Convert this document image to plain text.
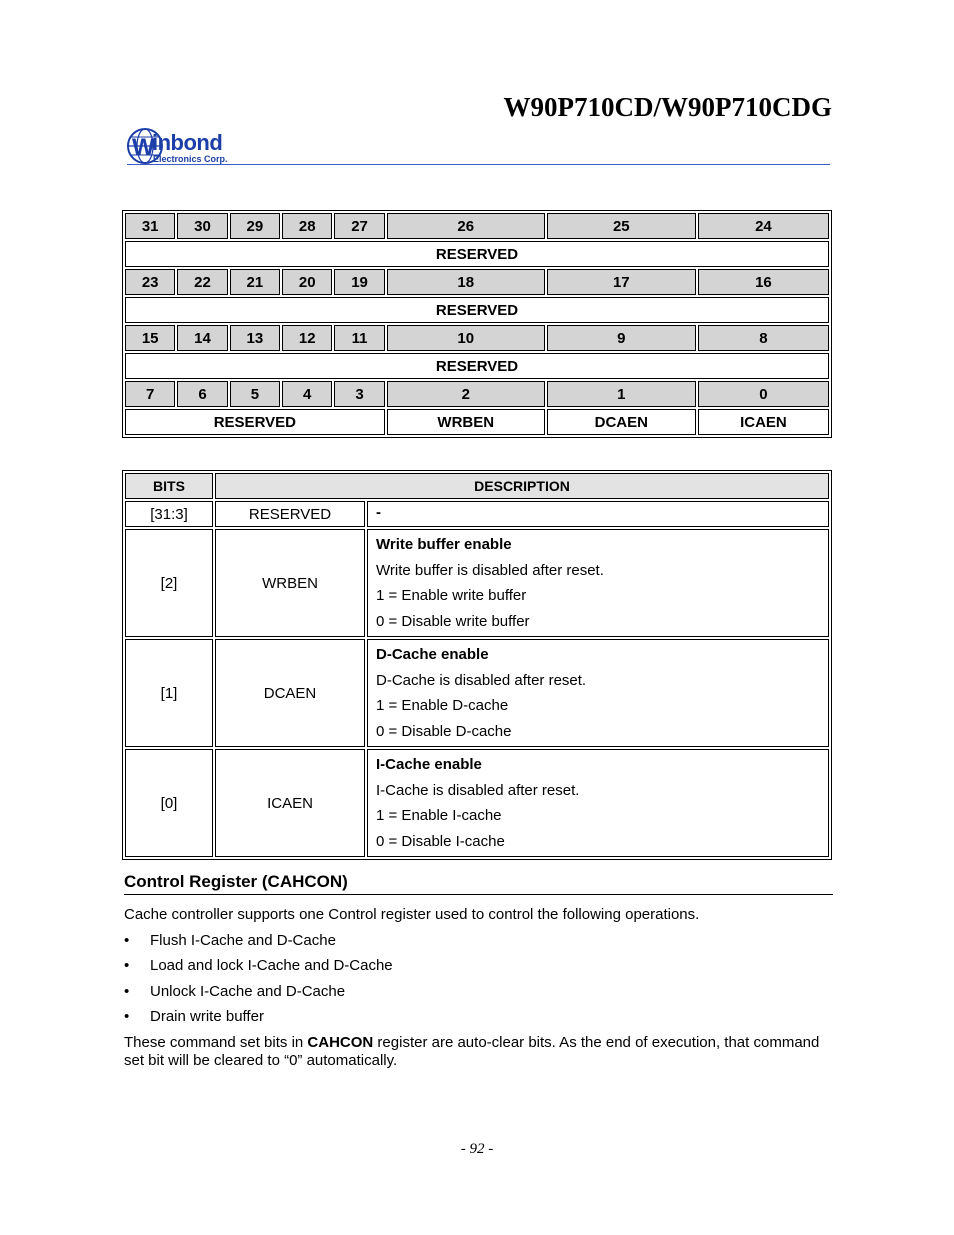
W90P710CD/W90P710CDG
W
inbond
Electronics Corp.
31	30	29	28	27	26	25	24
RESERVED							
23	22	21	20	19	18	17	16
RESERVED							
15	14	13	12	11	10	9	8
RESERVED							
7	6	5	4	3	2	1	0
RESERVED					WRBEN	DCAEN	ICAEN
BITS	DESCRIPTION	
[31:3]	RESERVED	-
[2]	WRBEN	Write buffer enable

Write buffer is disabled after reset.

1 = Enable write buffer

0 = Disable write buffer

[1]	DCAEN	D-Cache enable

D-Cache is disabled after reset.

1 = Enable D-cache

0 = Disable D-cache

[0]	ICAEN	I-Cache enable

I-Cache is disabled after reset.

1 = Enable I-cache

0 = Disable I-cache

Control Register (CAHCON)
Cache controller supports one Control register used to control the following operations.
• Flush I-Cache and D-Cache
• Load and lock I-Cache and D-Cache
• Unlock I-Cache and D-Cache
• Drain write buffer
These command set bits in CAHCON register are auto-clear bits. As the end of execution, that command set bit will be cleared to “0” automatically.
- 92 -
